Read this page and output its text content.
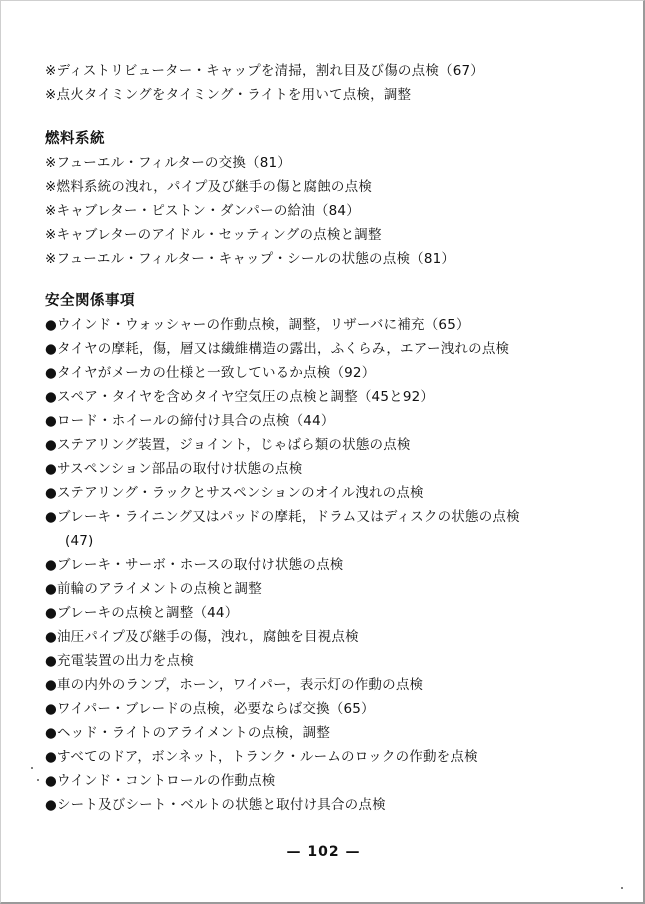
※ディストリビューター・キャップを清掃，割れ目及び傷の点検（67）
※点火タイミングをタイミング・ライトを用いて点検，調整
燃料系統
※フューエル・フィルターの交換（81）
※燃料系統の洩れ，パイプ及び継手の傷と腐蝕の点検
※キャブレター・ピストン・ダンパーの給油（84）
※キャブレターのアイドル・セッティングの点検と調整
※フューエル・フィルター・キャップ・シールの状態の点検（81）
安全関係事項
●ウインド・ウォッシャーの作動点検，調整，リザーバに補充（65）
●タイヤの摩耗，傷，層又は繊維構造の露出，ふくらみ，エアー洩れの点検
●タイヤがメーカの仕様と一致しているか点検（92）
●スペア・タイヤを含めタイヤ空気圧の点検と調整（45と92）
●ロード・ホイールの締付け具合の点検（44）
●ステアリング装置，ジョイント，じゃばら類の状態の点検
●サスペンション部品の取付け状態の点検
●ステアリング・ラックとサスペンションのオイル洩れの点検
●ブレーキ・ライニング又はパッドの摩耗，ドラム又はディスクの状態の点検
(47)
●ブレーキ・サーボ・ホースの取付け状態の点検
●前輪のアライメントの点検と調整
●ブレーキの点検と調整（44）
●油圧パイプ及び継手の傷，洩れ，腐蝕を目視点検
●充電装置の出力を点検
●車の内外のランプ，ホーン，ワイパー，表示灯の作動の点検
●ワイパー・ブレードの点検，必要ならば交換（65）
●ヘッド・ライトのアライメントの点検，調整
●すべてのドア，ボンネット，トランク・ルームのロックの作動を点検
●ウインド・コントロールの作動点検
●シート及びシート・ベルトの状態と取付け具合の点検
— 102 —
